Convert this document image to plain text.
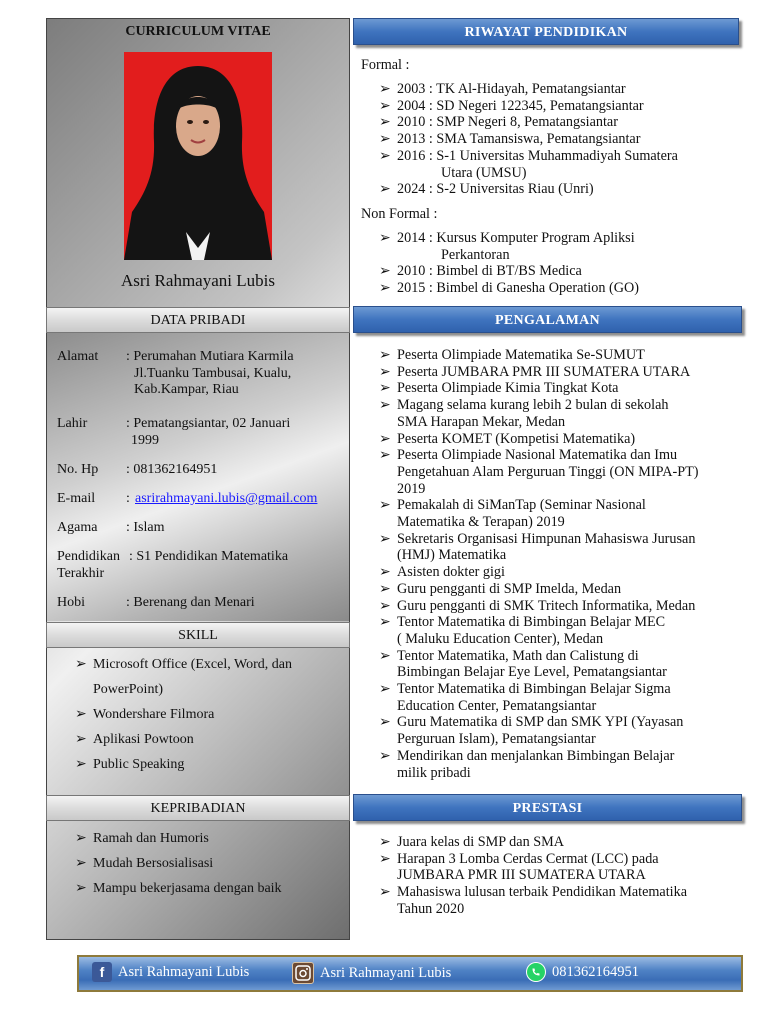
CURRICULUM VITAE
Asri Rahmayani Lubis
DATA PRIBADI
Alamat : Perumahan Mutiara Karmila
Jl.Tuanku Tambusai, Kualu,
Kab.Kampar, Riau
Lahir	: Pematangsiantar, 02 Januari
1999
No. Hp : 081362164951
E-mail : asrirahmayani.lubis@gmail.com
Agama : Islam
Pendidikan : S1 Pendidikan Matematika
Terakhir
Hobi	: Berenang dan Menari
SKILL
➢ Microsoft Office (Excel, Word, dan
PowerPoint)
➢ Wondershare Filmora
➢ Aplikasi Powtoon
➢ Public Speaking
KEPRIBADIAN
➢ Ramah dan Humoris
➢ Mudah Bersosialisasi
➢ Mampu bekerjasama dengan baik
RIWAYAT PENDIDIKAN
Formal :
➢ 2003 : TK Al-Hidayah, Pematangsiantar
➢ 2004 : SD Negeri 122345, Pematangsiantar
➢ 2010 : SMP Negeri 8, Pematangsiantar
➢ 2013 : SMA Tamansiswa, Pematangsiantar
➢ 2016 : S-1 Universitas Muhammadiyah Sumatera
Utara (UMSU)
➢ 2024 : S-2 Universitas Riau (Unri)
Non Formal :
➢ 2014 : Kursus Komputer Program Apliksi
Perkantoran
➢ 2010 : Bimbel di BT/BS Medica
➢ 2015 : Bimbel di Ganesha Operation (GO)
PENGALAMAN
➢ Peserta Olimpiade Matematika Se-SUMUT
➢ Peserta JUMBARA PMR III SUMATERA UTARA
➢ Peserta Olimpiade Kimia Tingkat Kota
➢ Magang selama kurang lebih 2 bulan di sekolah
SMA Harapan Mekar, Medan
➢ Peserta KOMET (Kompetisi Matematika)
➢ Peserta Olimpiade Nasional Matematika dan Imu
Pengetahuan Alam Perguruan Tinggi (ON MIPA-PT)
2019
➢ Pemakalah di SiManTap (Seminar Nasional
Matematika & Terapan) 2019
➢ Sekretaris Organisasi Himpunan Mahasiswa Jurusan
(HMJ) Matematika
➢ Asisten dokter gigi
➢ Guru pengganti di SMP Imelda, Medan
➢ Guru pengganti di SMK Tritech Informatika, Medan
➢ Tentor Matematika di Bimbingan Belajar MEC
( Maluku Education Center), Medan
➢ Tentor Matematika, Math dan Calistung di
Bimbingan Belajar Eye Level, Pematangsiantar
➢ Tentor Matematika di Bimbingan Belajar Sigma
Education Center, Pematangsiantar
➢ Guru Matematika di SMP dan SMK YPI (Yayasan
Perguruan Islam), Pematangsiantar
➢ Mendirikan dan menjalankan Bimbingan Belajar
milik pribadi
PRESTASI
➢ Juara kelas di SMP dan SMA
➢ Harapan 3 Lomba Cerdas Cermat (LCC) pada
JUMBARA PMR III SUMATERA UTARA
➢ Mahasiswa lulusan terbaik Pendidikan Matematika
Tahun 2020
f Asri Rahmayani Lubis	Asri Rahmayani Lubis	081362164951
